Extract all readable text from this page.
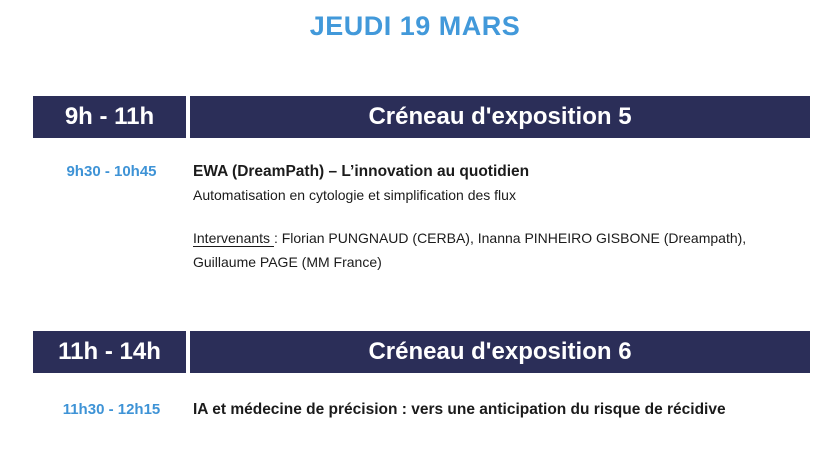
JEUDI 19 MARS
9h - 11h	Créneau d'exposition 5
9h30 - 10h45	EWA (DreamPath) – L’innovation au quotidien
Automatisation en cytologie et simplification des flux
Intervenants : Florian PUNGNAUD (CERBA), Inanna PINHEIRO GISBONE (Dreampath), Guillaume PAGE (MM France)
11h - 14h	Créneau d'exposition 6
11h30 - 12h15	IA et médecine de précision : vers une anticipation du risque de récidive
